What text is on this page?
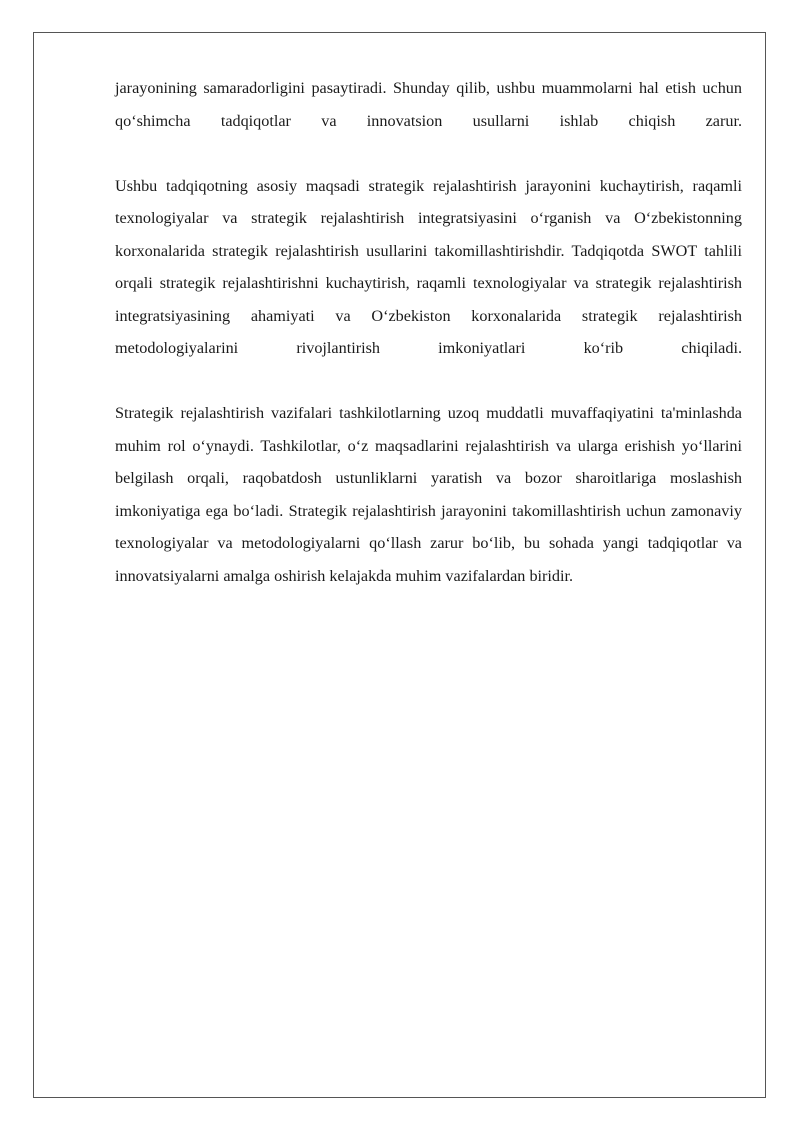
jarayonining samaradorligini pasaytiradi. Shunday qilib, ushbu muammolarni hal etish uchun qo‘shimcha tadqiqotlar va innovatsion usullarni ishlab chiqish zarur.

Ushbu tadqiqotning asosiy maqsadi strategik rejalashtirish jarayonini kuchaytirish, raqamli texnologiyalar va strategik rejalashtirish integratsiyasini o‘rganish va O‘zbekistonning korxonalarida strategik rejalashtirish usullarini takomillashtirishdir. Tadqiqotda SWOT tahlili orqali strategik rejalashtirishni kuchaytirish, raqamli texnologiyalar va strategik rejalashtirish integratsiyasining ahamiyati va O‘zbekiston korxonalarida strategik rejalashtirish metodologiyalarini rivojlantirish imkoniyatlari ko‘rib chiqiladi.

Strategik rejalashtirish vazifalari tashkilotlarning uzoq muddatli muvaffaqiyatini ta'minlashda muhim rol o‘ynaydi. Tashkilotlar, o‘z maqsadlarini rejalashtirish va ularga erishish yo‘llarini belgilash orqali, raqobatdosh ustunliklarni yaratish va bozor sharoitlariga moslashish imkoniyatiga ega bo‘ladi. Strategik rejalashtirish jarayonini takomillashtirish uchun zamonaviy texnologiyalar va metodologiyalarni qo‘llash zarur bo‘lib, bu sohada yangi tadqiqotlar va innovatsiyalarni amalga oshirish kelajakda muhim vazifalardan biridir.
